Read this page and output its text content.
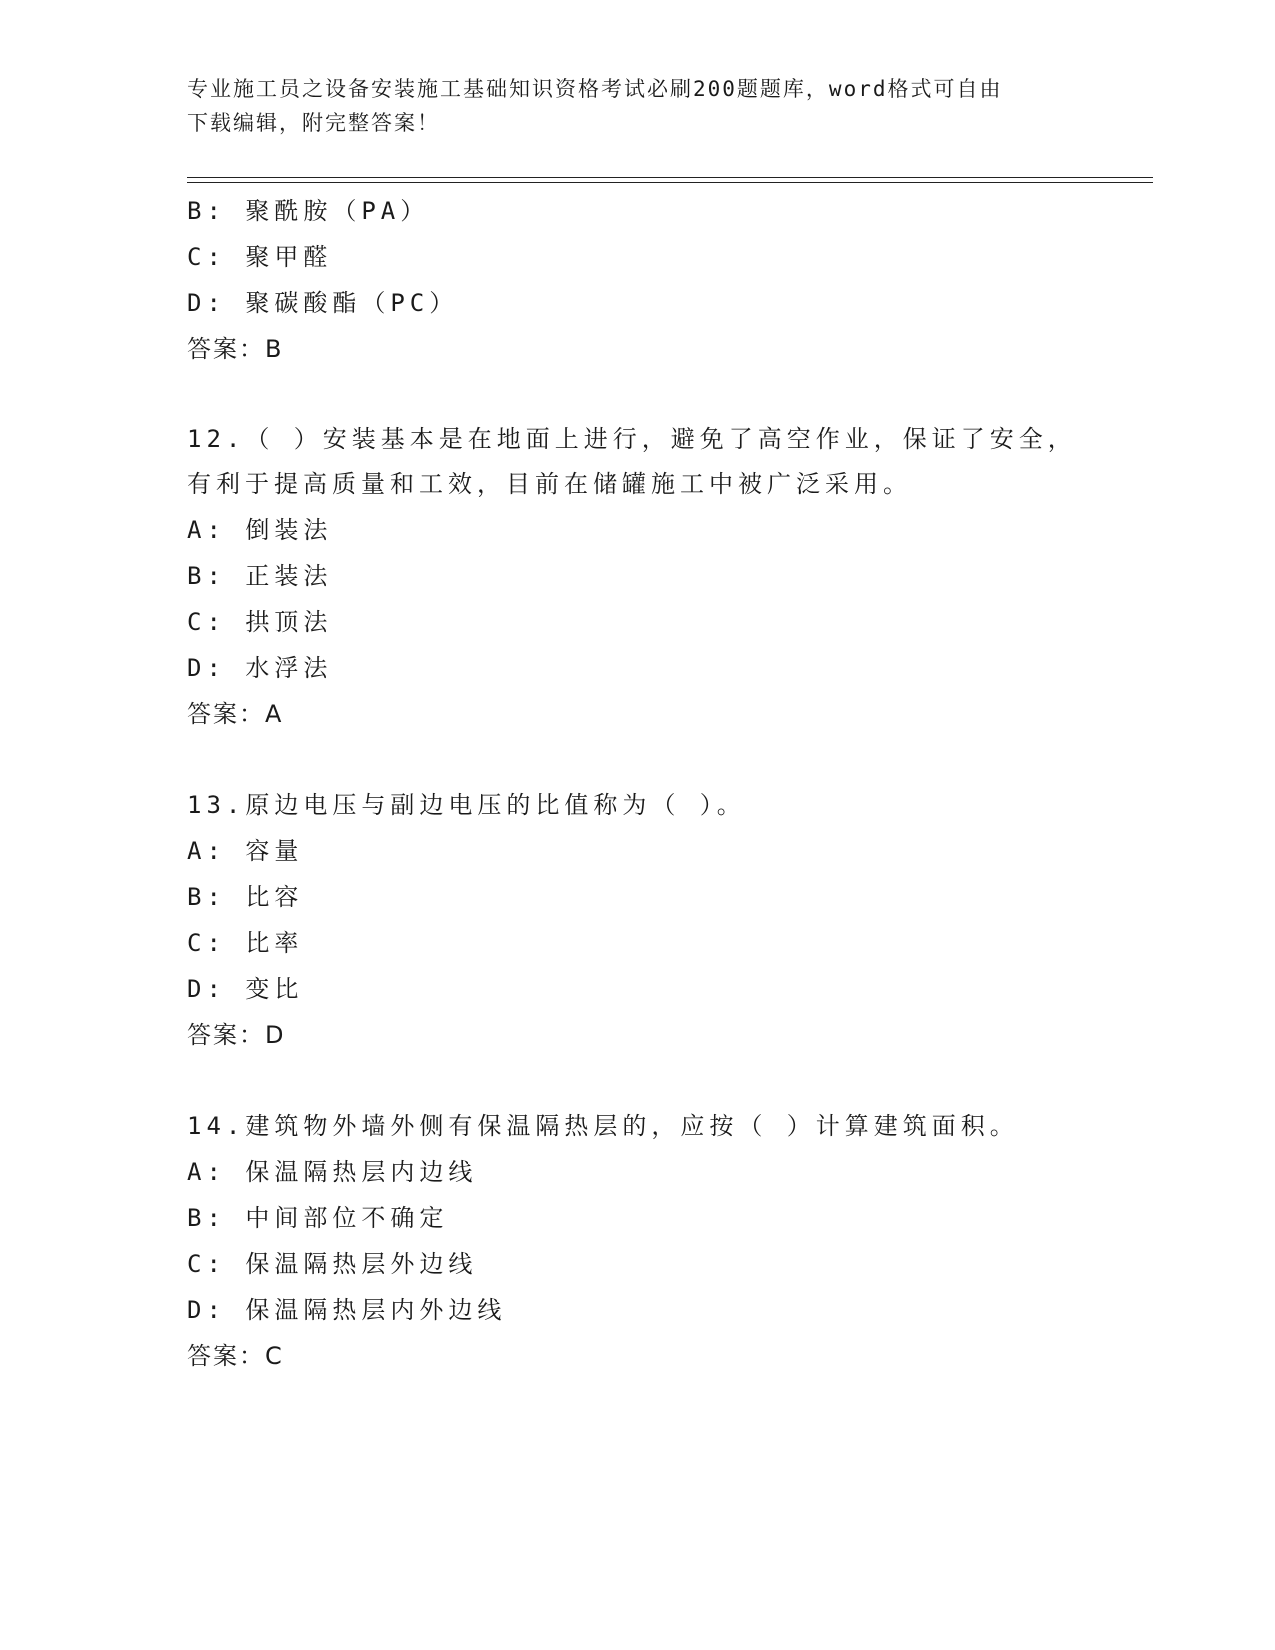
专业施工员之设备安装施工基础知识资格考试必刷200题题库，word格式可自由
下载编辑，附完整答案！
B: 聚酰胺（PA）
C: 聚甲醛
D: 聚碳酸酯（PC）
答案：B
12.（ ）安装基本是在地面上进行，避免了高空作业，保证了安全，
有利于提高质量和工效，目前在储罐施工中被广泛采用。
A: 倒装法
B: 正装法
C: 拱顶法
D: 水浮法
答案：A
13.原边电压与副边电压的比值称为（ ）。
A: 容量
B: 比容
C: 比率
D: 变比
答案：D
14.建筑物外墙外侧有保温隔热层的，应按（ ）计算建筑面积。
A: 保温隔热层内边线
B: 中间部位不确定
C: 保温隔热层外边线
D: 保温隔热层内外边线
答案：C
